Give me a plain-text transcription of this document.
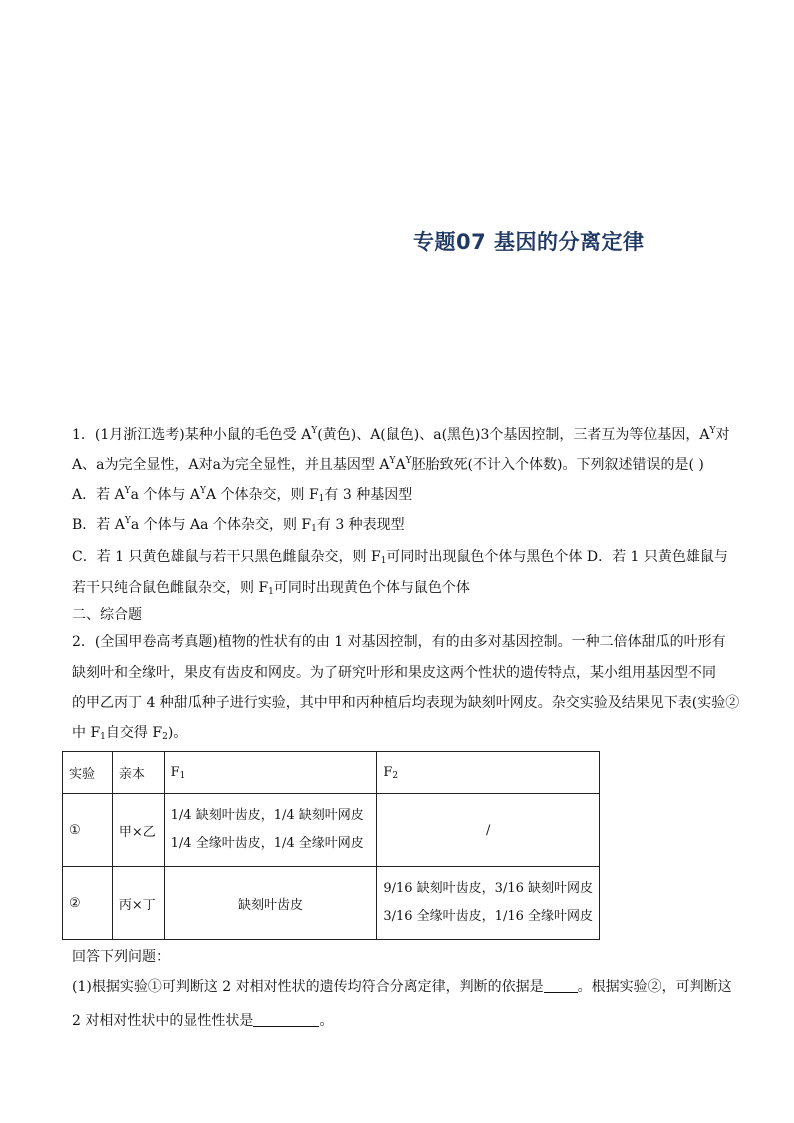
专题07 基因的分离定律
1．(1月浙江选考)某种小鼠的毛色受 $A^Y$(黄色)、A(鼠色)、a(黑色)3个基因控制，三者互为等位基因，$A^Y$对
A、a为完全显性，A对a为完全显性，并且基因型 $A^YA^Y$胚胎致死(不计入个体数)。下列叙述错误的是( )
A．若 $A^Ya$ 个体与 $A^YA$ 个体杂交，则 $F_1$有 3 种基因型
B．若 $A^Ya$ 个体与 Aa 个体杂交，则 $F_1$有 3 种表现型
C．若 1 只黄色雄鼠与若干只黑色雌鼠杂交，则 $F_1$可同时出现鼠色个体与黑色个体 D．若 1 只黄色雄鼠与
若干只纯合鼠色雌鼠杂交，则 $F_1$可同时出现黄色个体与鼠色个体
二、综合题
2．(全国甲卷高考真题)植物的性状有的由 1 对基因控制，有的由多对基因控制。一种二倍体甜瓜的叶形有
缺刻叶和全缘叶，果皮有齿皮和网皮。为了研究叶形和果皮这两个性状的遗传特点，某小组用基因型不同
的甲乙丙丁 4 种甜瓜种子进行实验，其中甲和丙种植后均表现为缺刻叶网皮。杂交实验及结果见下表(实验②
中 $F_1$自交得 $F_2$)。
实验	亲本	$F_1$	$F_2$
①	甲×乙	1/4 缺刻叶齿皮，1/4 缺刻叶网皮
1/4 全缘叶齿皮，1/4 全缘叶网皮	/
②	丙×丁	缺刻叶齿皮	9/16 缺刻叶齿皮，3/16 缺刻叶网皮
3/16 全缘叶齿皮，1/16 全缘叶网皮
回答下列问题：
(1)根据实验①可判断这 2 对相对性状的遗传均符合分离定律，判断的依据是 。根据实验②，可判断这
2 对相对性状中的显性性状是	。
